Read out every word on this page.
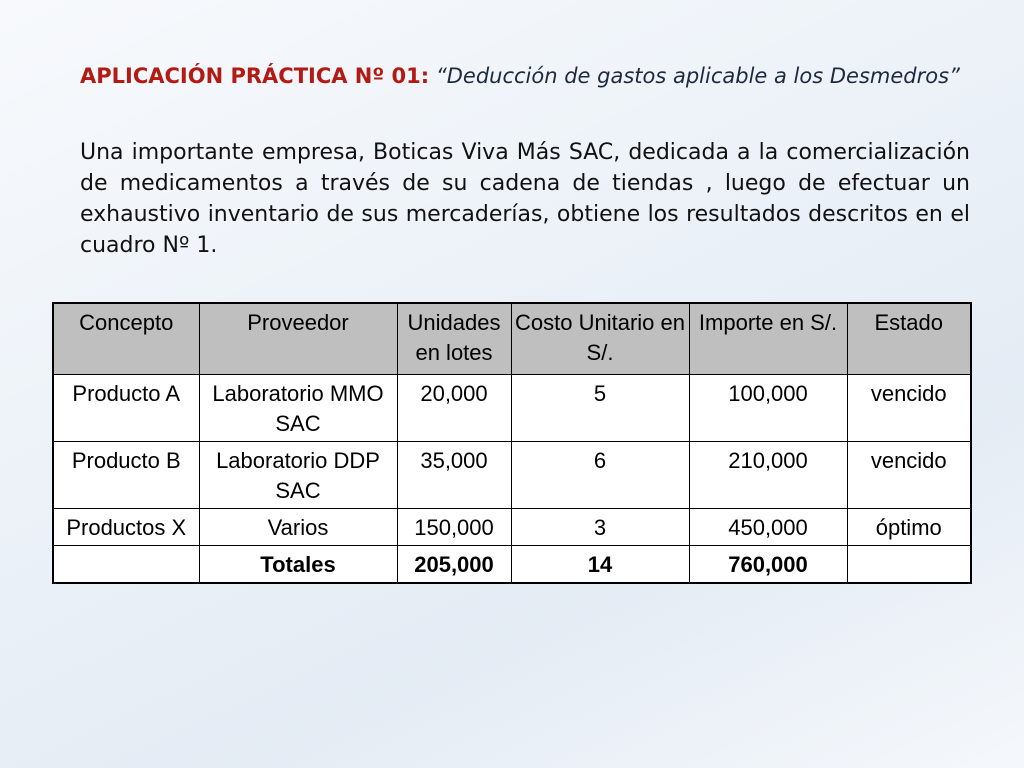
APLICACIÓN PRÁCTICA Nº 01: “Deducción de gastos aplicable a los Desmedros”

Una importante empresa, Boticas Viva Más SAC, dedicada a la comercialización de medicamentos a través de su cadena de tiendas , luego de efectuar un exhaustivo inventario de sus mercaderías, obtiene los resultados descritos en el cuadro Nº 1.

Concepto	Proveedor	Unidades en lotes	Costo Unitario en S/.	Importe en S/.	Estado
Producto A	Laboratorio MMO SAC	20,000	5	100,000	vencido
Producto B	Laboratorio DDP SAC	35,000	6	210,000	vencido
Productos X	Varios	150,000	3	450,000	óptimo
	Totales	205,000	14	760,000	
